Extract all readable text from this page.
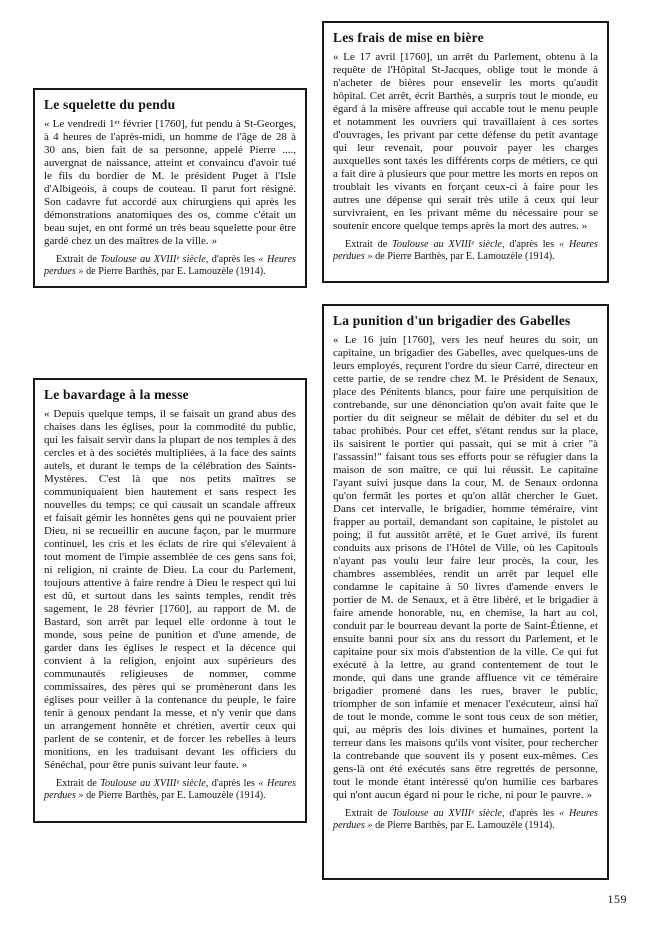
Le squelette du pendu

« Le vendredi 1ᵉʳ février [1760], fut pendu à St-Georges, à 4 heures de l'après-midi, un homme de l'âge de 28 à 30 ans, bien fait de sa personne, appelé Pierre ...., auvergnat de naissance, atteint et convaincu d'avoir tué le fils du bordier de M. le président Puget à l'Isle d'Albigeois, à coups de couteau. Il parut fort résigné. Son cadavre fut accordé aux chirurgiens qui après les démonstrations anatomiques des os, comme c'était un beau sujet, en ont formé un très beau squelette pour être gardé chez un des maîtres de la ville. »

Extrait de Toulouse au XVIIIᵉ siècle, d'après les « Heures perdues » de Pierre Barthès, par E. Lamouzèle (1914).

Les frais de mise en bière

« Le 17 avril [1760], un arrêt du Parlement, obtenu à la requête de l'Hôpital St-Jacques, oblige tout le monde à n'acheter de bières pour ensevelir les morts qu'audit hôpital. Cet arrêt, écrit Barthès, a surpris tout le monde, eu égard à la misère affreuse qui accable tout le menu peuple et notamment les ouvriers qui travaillaient à ces sortes d'ouvrages, les privant par cette défense du petit avantage qui leur revenait, pour pouvoir payer les charges auxquelles sont taxés les différents corps de métiers, ce qui a fait dire à plusieurs que pour mettre les morts en repos on troublait les vivants en forçant ceux-ci à faire pour les autres une dépense qui serait très utile à ceux qui leur survivraient, en les privant même du nécessaire pour se soutenir encore quelque temps après la mort des autres. »

Extrait de Toulouse au XVIIIᵉ siècle, d'après les « Heures perdues » de Pierre Barthès, par E. Lamouzèle (1914).

Le bavardage à la messe

« Depuis quelque temps, il se faisait un grand abus des chaises dans les églises, pour la commodité du public, qui les faisait servir dans la plupart de nos temples à des cercles et à des sociétés multipliées, à la face des saints autels, et durant le temps de la célébration des Saints-Mystères. C'est là que nos petits maîtres se communiquaient bien hautement et sans respect les nouvelles du temps; ce qui causait un scandale affreux et faisait gémir les honnêtes gens qui ne pouvaient prier Dieu, ni se recueillir en aucune façon, par le murmure continuel, les cris et les éclats de rire qui s'élevaient à tout moment de l'impie assemblée de ces gens sans foi, ni religion, ni crainte de Dieu. La cour du Parlement, toujours attentive à faire rendre à Dieu le respect qui lui est dû, et surtout dans les saints temples, rendit très sagement, le 28 février [1760], au rapport de M. de Bastard, son arrêt par lequel elle ordonne à tout le monde, sous peine de punition et d'une amende, de garder dans les églises le respect et la décence qui convient à la religion, enjoint aux supérieurs des communautés religieuses de nommer, comme commissaires, des pères qui se promèneront dans les églises pour veiller à la contenance du peuple, le faire tenir à genoux pendant la messe, et n'y venir que dans un arrangement honnête et chrétien, avertir ceux qui parlent de se contenir, et de forcer les rebelles à leurs monitions, en les traduisant devant les officiers du Sénéchal, pour être punis suivant leur faute. »

Extrait de Toulouse au XVIIIᵉ siècle, d'après les « Heures perdues » de Pierre Barthès, par E. Lamouzèle (1914).

La punition d'un brigadier des Gabelles

« Le 16 juin [1760], vers les neuf heures du soir, un capitaine, un brigadier des Gabelles, avec quelques-uns de leurs employés, reçurent l'ordre du sieur Carré, directeur en cette partie, de se rendre chez M. le Président de Senaux, place des Pénitents blancs, pour faire une perquisition de contrebande, sur une dénonciation qu'on avait faite que le portier du dit seigneur se mêlait de débiter du sel et du tabac prohibés. Pour cet effet, s'étant rendus sur la place, ils saisirent le portier qui passait, qui se mit à crier "à l'assassin!" faisant tous ses efforts pour se réfugier dans la maison de son maître, ce qui lui réussit. Le capitaine l'ayant suivi jusque dans la cour, M. de Senaux ordonna qu'on fermât les portes et qu'on allât chercher le Guet. Dans cet intervalle, le brigadier, homme téméraire, vint frapper au portail, demandant son capitaine, le pistolet au poing; il fut aussitôt arrêté, et le Guet arrivé, ils furent conduits aux prisons de l'Hôtel de Ville, où les Capitouls n'ayant pas voulu leur faire leur procès, la cour, les chambres assemblées, rendit un arrêt par lequel elle condamne le capitaine à 50 livres d'amende envers le portier de M. de Senaux, et à être libéré, et le brigadier à faire amende honorable, nu, en chemise, la hart au col, conduit par le bourreau devant la porte de Saint-Étienne, et ensuite banni pour six ans du ressort du Parlement, et le capitaine pour six mois d'abstention de la ville. Ce qui fut exécuté à la lettre, au grand contentement de tout le monde, qui dans une grande affluence vit ce téméraire brigadier promené dans les rues, braver le public, triompher de son infamie et menacer l'exécuteur, ainsi haï de tout le monde, comme le sont tous ceux de son métier, qui, au mépris des lois divines et humaines, portent la terreur dans les maisons qu'ils vont visiter, pour rechercher la contrebande que souvent ils y posent eux-mêmes. Ces gens-là ont été exécutés sans être regrettés de personne, tout le monde étant intéressé qu'on humilie ces barbares qui n'ont aucun égard ni pour le riche, ni pour le pauvre. »

Extrait de Toulouse au XVIIIᵉ siècle, d'après les « Heures perdues » de Pierre Barthès, par E. Lamouzèle (1914).

159
